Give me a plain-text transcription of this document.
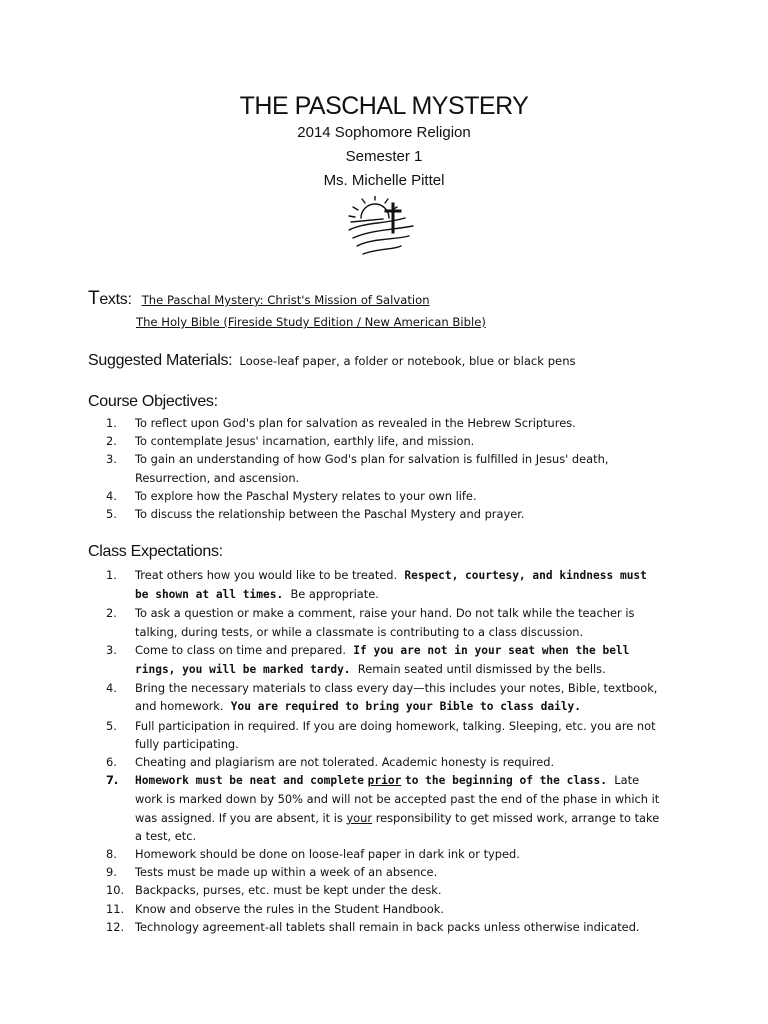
THE PASCHAL MYSTERY
2014 Sophomore Religion
Semester 1
Ms. Michelle Pittel
Texts: The Paschal Mystery: Christ's Mission of Salvation
The Holy Bible (Fireside Study Edition / New American Bible)
Suggested Materials: Loose-leaf paper, a folder or notebook, blue or black pens
Course Objectives:
1.	To reflect upon God's plan for salvation as revealed in the Hebrew Scriptures.
2.	To contemplate Jesus' incarnation, earthly life, and mission.
3.	To gain an understanding of how God's plan for salvation is fulfilled in Jesus' death, Resurrection, and ascension.
4.	To explore how the Paschal Mystery relates to your own life.
5.	To discuss the relationship between the Paschal Mystery and prayer.
Class Expectations:
1.	Treat others how you would like to be treated. Respect, courtesy, and kindness must be shown at all times. Be appropriate.
2.	To ask a question or make a comment, raise your hand. Do not talk while the teacher is talking, during tests, or while a classmate is contributing to a class discussion.
3.	Come to class on time and prepared. If you are not in your seat when the bell rings, you will be marked tardy. Remain seated until dismissed by the bells.
4.	Bring the necessary materials to class every day—this includes your notes, Bible, textbook, and homework. You are required to bring your Bible to class daily.
5.	Full participation in required. If you are doing homework, talking. Sleeping, etc. you are not fully participating.
6.	Cheating and plagiarism are not tolerated. Academic honesty is required.
7.	Homework must be neat and complete prior to the beginning of the class. Late work is marked down by 50% and will not be accepted past the end of the phase in which it was assigned. If you are absent, it is your responsibility to get missed work, arrange to take a test, etc.
8.	Homework should be done on loose-leaf paper in dark ink or typed.
9.	Tests must be made up within a week of an absence.
10. Backpacks, purses, etc. must be kept under the desk.
11. Know and observe the rules in the Student Handbook.
12. Technology agreement-all tablets shall remain in back packs unless otherwise indicated.
